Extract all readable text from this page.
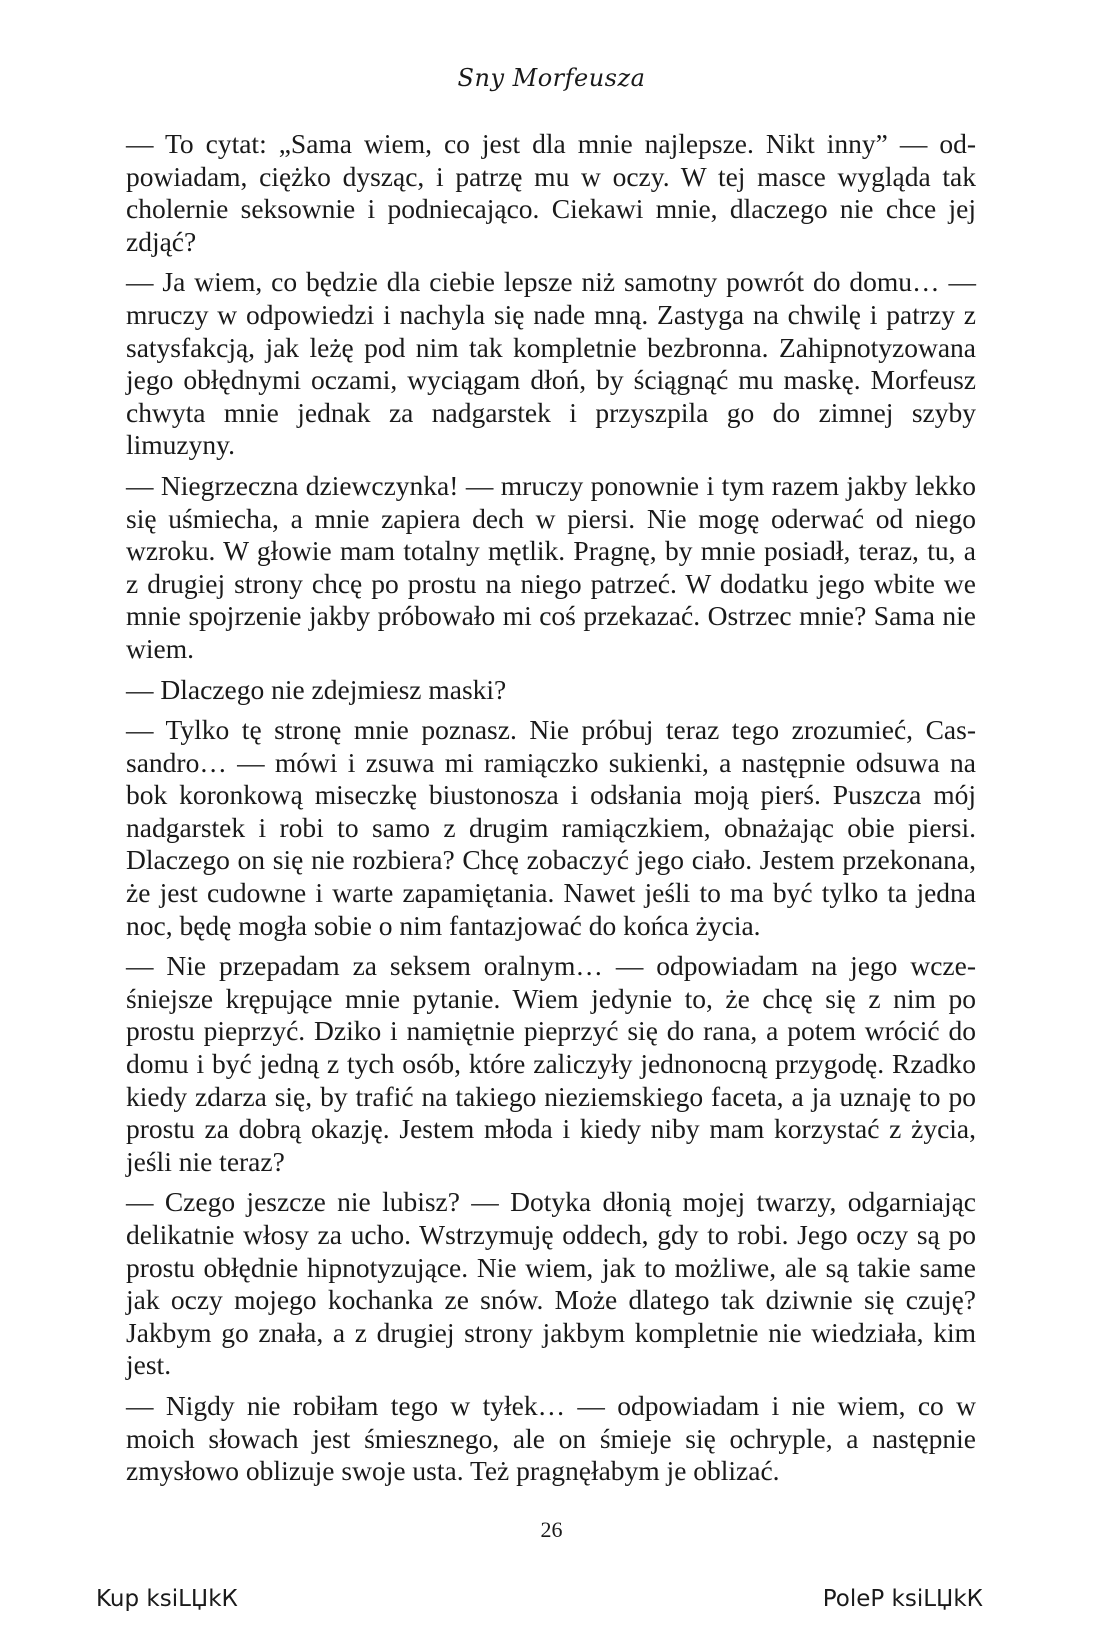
Sny Morfeusza

— To cytat: „Sama wiem, co jest dla mnie najlepsze. Nikt inny” — odpowiadam, ciężko dysząc, i patrzę mu w oczy. W tej masce wygląda tak cholernie seksownie i podniecająco. Ciekawi mnie, dlaczego nie chce jej zdjąć?

— Ja wiem, co będzie dla ciebie lepsze niż samotny powrót do domu… — mruczy w odpowiedzi i nachyla się nade mną. Zastyga na chwilę i patrzy z satysfakcją, jak leżę pod nim tak kompletnie bezbronna. Zahipnotyzowana jego obłędnymi oczami, wyciągam dłoń, by ściągnąć mu maskę. Morfeusz chwyta mnie jednak za nadgarstek i przyszpila go do zimnej szyby limuzyny.

— Niegrzeczna dziewczynka! — mruczy ponownie i tym razem jakby lekko się uśmiecha, a mnie zapiera dech w piersi. Nie mogę oderwać od niego wzroku. W głowie mam totalny mętlik. Pragnę, by mnie posiadł, teraz, tu, a z drugiej strony chcę po prostu na niego patrzeć. W dodatku jego wbite we mnie spojrzenie jakby próbowało mi coś przekazać. Ostrzec mnie? Sama nie wiem.

— Dlaczego nie zdejmiesz maski?

— Tylko tę stronę mnie poznasz. Nie próbuj teraz tego zrozumieć, Cassandro… — mówi i zsuwa mi ramiączko sukienki, a następnie odsuwa na bok koronkową miseczkę biustonosza i odsłania moją pierś. Puszcza mój nadgarstek i robi to samo z drugim ramiączkiem, obnażając obie piersi. Dlaczego on się nie rozbiera? Chcę zobaczyć jego ciało. Jestem przekonana, że jest cudowne i warte zapamiętania. Nawet jeśli to ma być tylko ta jedna noc, będę mogła sobie o nim fantazjować do końca życia.

— Nie przepadam za seksem oralnym… — odpowiadam na jego wcześniejsze krępujące mnie pytanie. Wiem jedynie to, że chcę się z nim po prostu pieprzyć. Dziko i namiętnie pieprzyć się do rana, a potem wrócić do domu i być jedną z tych osób, które zaliczyły jednonocną przygodę. Rzadko kiedy zdarza się, by trafić na takiego nieziemskiego faceta, a ja uznaję to po prostu za dobrą okazję. Jestem młoda i kiedy niby mam korzystać z życia, jeśli nie teraz?

— Czego jeszcze nie lubisz? — Dotyka dłonią mojej twarzy, odgarniając delikatnie włosy za ucho. Wstrzymuję oddech, gdy to robi. Jego oczy są po prostu obłędnie hipnotyzujące. Nie wiem, jak to możliwe, ale są takie same jak oczy mojego kochanka ze snów. Może dlatego tak dziwnie się czuję? Jakbym go znała, a z drugiej strony jakbym kompletnie nie wiedziała, kim jest.

— Nigdy nie robiłam tego w tyłek… — odpowiadam i nie wiem, co w moich słowach jest śmiesznego, ale on śmieje się ochryple, a następnie zmysłowo oblizuje swoje usta. Też pragnęłabym je oblizać.

26
Kup ksiLЏkК	PoleР ksiLЏkК
